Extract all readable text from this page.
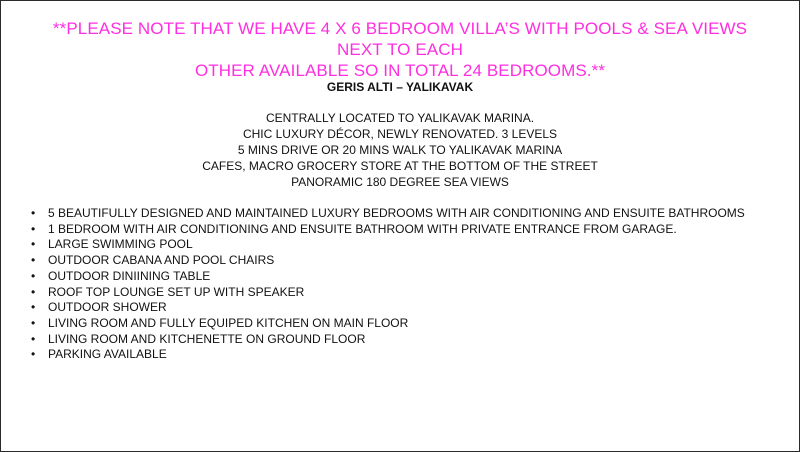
**PLEASE NOTE THAT WE HAVE 4 X 6 BEDROOM VILLA’S WITH POOLS & SEA VIEWS NEXT TO EACH
OTHER AVAILABLE SO IN TOTAL 24 BEDROOMS.**
GERIS ALTI – YALIKAVAK
CENTRALLY LOCATED TO YALIKAVAK MARINA.
CHIC LUXURY DÉCOR, NEWLY RENOVATED. 3 LEVELS
5 MINS DRIVE OR 20 MINS WALK TO YALIKAVAK MARINA
CAFES, MACRO GROCERY STORE AT THE BOTTOM OF THE STREET
PANORAMIC 180 DEGREE SEA VIEWS
• 5 BEAUTIFULLY DESIGNED AND MAINTAINED LUXURY BEDROOMS WITH AIR CONDITIONING AND ENSUITE BATHROOMS
• 1 BEDROOM WITH AIR CONDITIONING AND ENSUITE BATHROOM WITH PRIVATE ENTRANCE FROM GARAGE.
• LARGE SWIMMING POOL
• OUTDOOR CABANA AND POOL CHAIRS
• OUTDOOR DINIINING TABLE
• ROOF TOP LOUNGE SET UP WITH SPEAKER
• OUTDOOR SHOWER
• LIVING ROOM AND FULLY EQUIPED KITCHEN ON MAIN FLOOR
• LIVING ROOM AND KITCHENETTE ON GROUND FLOOR
• PARKING AVAILABLE
